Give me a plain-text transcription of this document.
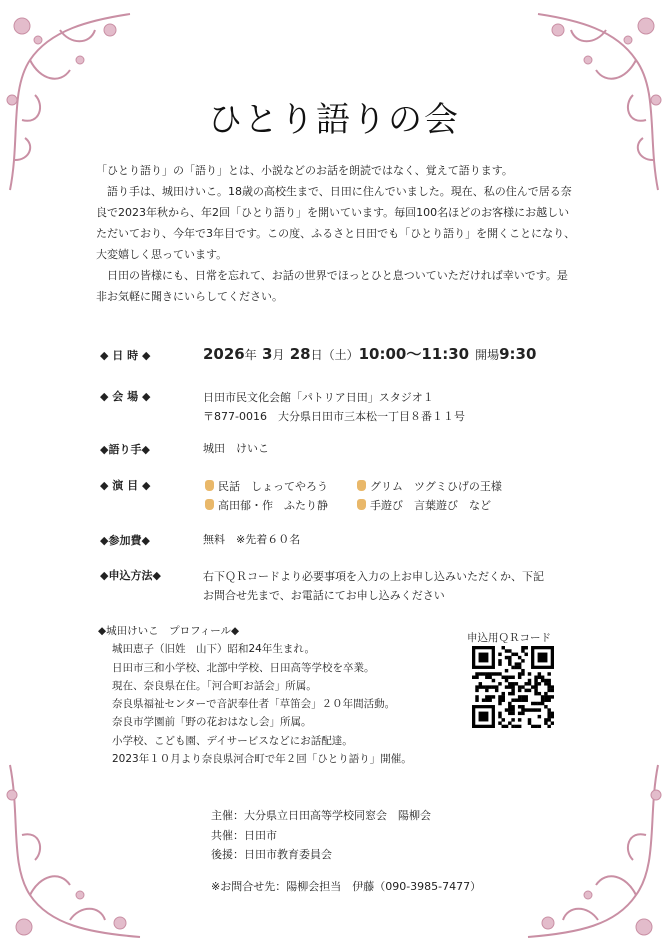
ひとり語りの会

「ひとり語り」の「語り」とは、小説などのお話を朗読ではなく、覚えて語ります。

語り手は、城田けいこ。18歳の高校生まで、日田に住んでいました。現在、私の住んで居る奈良で2023年秋から、年2回「ひとり語り」を開いています。毎回100名ほどのお客様にお越しいただいており、今年で3年目です。この度、ふるさと日田でも「ひとり語り」を開くことになり、大変嬉しく思っています。

日田の皆様にも、日常を忘れて、お話の世界でほっとひと息ついていただければ幸いです。是非お気軽に聞きにいらしてください。

◆ 日 時 ◆	2026年 3月 28日（土）10:00～11:30 開場9:30
◆ 会 場 ◆	日田市民文化会館「パトリア日田」スタジオ１
〒877-0016　大分県日田市三本松一丁目８番１１号
◆語り手◆	城田　けいこ
◆ 演 目 ◆	民話　しょってやろう	グリム　ツグミひげの王様
高田郁・作　ふたり静	手遊び　言葉遊び　など
◆参加費◆	無料　※先着６０名
◆申込方法◆	右下ＱＲコードより必要事項を入力の上お申し込みいただくか、下記
お問合せ先まで、お電話にてお申し込みください
◆城田けいこ　プロフィール◆
城田恵子（旧姓　山下）昭和24年生まれ。
日田市三和小学校、北部中学校、日田高等学校を卒業。
現在、奈良県在住。「河合町お話会」所属。
奈良県福祉センターで音訳奉仕者「草笛会」２０年間活動。
奈良市学園前「野の花おはなし会」所属。
小学校、こども園、デイサービスなどにお話配達。
2023年１０月より奈良県河合町で年２回「ひとり語り」開催。
申込用ＱＲコード
主催：大分県立日田高等学校同窓会　陽柳会
共催：日田市
後援：日田市教育委員会
※お問合せ先：陽柳会担当　伊藤（090-3985-7477）
